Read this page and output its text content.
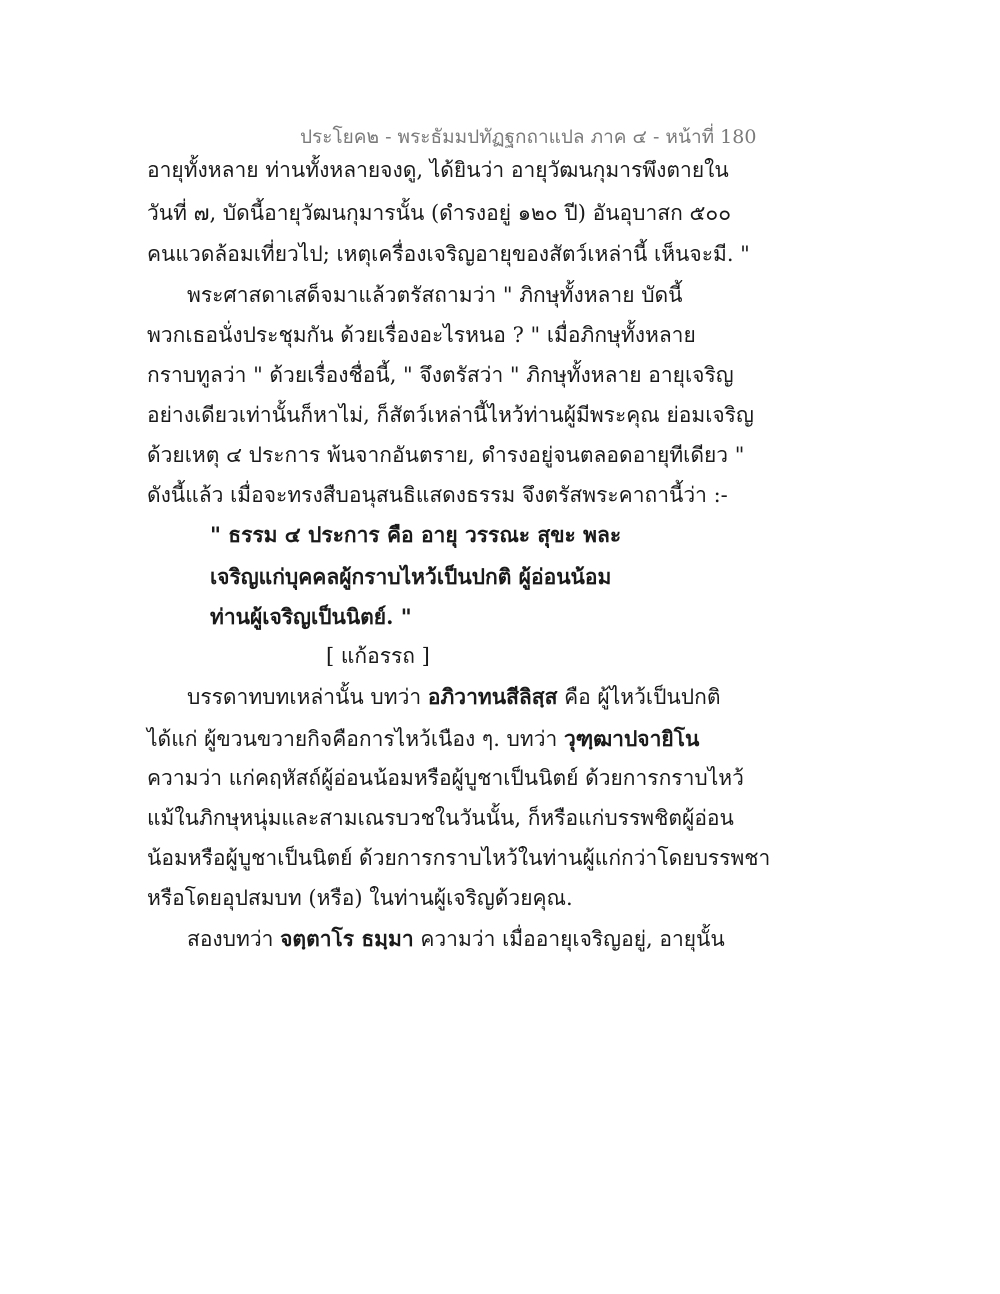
ประโยค๒ - พระธัมมปทัฏฐกถาแปล ภาค ๔ - หน้าที่ 180
อายุทั้งหลาย ท่านทั้งหลายจงดู, ได้ยินว่า อายุวัฒนกุมารพึงตายใน
วันที่ ๗, บัดนี้อายุวัฒนกุมารนั้น (ดำรงอยู่ ๑๒๐ ปี) อันอุบาสก ๕๐๐
คนแวดล้อมเที่ยวไป; เหตุเครื่องเจริญอายุของสัตว์เหล่านี้ เห็นจะมี. "
พระศาสดาเสด็จมาแล้วตรัสถามว่า " ภิกษุทั้งหลาย บัดนี้
พวกเธอนั่งประชุมกัน ด้วยเรื่องอะไรหนอ ? " เมื่อภิกษุทั้งหลาย
กราบทูลว่า " ด้วยเรื่องชื่อนี้, " จึงตรัสว่า " ภิกษุทั้งหลาย อายุเจริญ
อย่างเดียวเท่านั้นก็หาไม่, ก็สัตว์เหล่านี้ไหว้ท่านผู้มีพระคุณ ย่อมเจริญ
ด้วยเหตุ ๔ ประการ พ้นจากอันตราย, ดำรงอยู่จนตลอดอายุทีเดียว "
ดังนี้แล้ว เมื่อจะทรงสืบอนุสนธิแสดงธรรม จึงตรัสพระคาถานี้ว่า :-
" ธรรม ๔ ประการ คือ อายุ วรรณะ สุขะ พละ
เจริญแก่บุคคลผู้กราบไหว้เป็นปกติ ผู้อ่อนน้อม
ท่านผู้เจริญเป็นนิตย์. "
[ แก้อรรถ ]
บรรดาทบทเหล่านั้น บทว่า อภิวาทนสีลิสฺส คือ ผู้ไหว้เป็นปกติ
ได้แก่ ผู้ขวนขวายกิจคือการไหว้เนือง ๆ. บทว่า วุฑฺฒาปจายิโน
ความว่า แก่คฤหัสถ์ผู้อ่อนน้อมหรือผู้บูชาเป็นนิตย์ ด้วยการกราบไหว้
แม้ในภิกษุหนุ่มและสามเณรบวชในวันนั้น, ก็หรือแก่บรรพชิตผู้อ่อน
น้อมหรือผู้บูชาเป็นนิตย์ ด้วยการกราบไหว้ในท่านผู้แก่กว่าโดยบรรพชา
หรือโดยอุปสมบท (หรือ) ในท่านผู้เจริญด้วยคุณ.
สองบทว่า จตฺตาโร ธมฺมา ความว่า เมื่ออายุเจริญอยู่, อายุนั้น
